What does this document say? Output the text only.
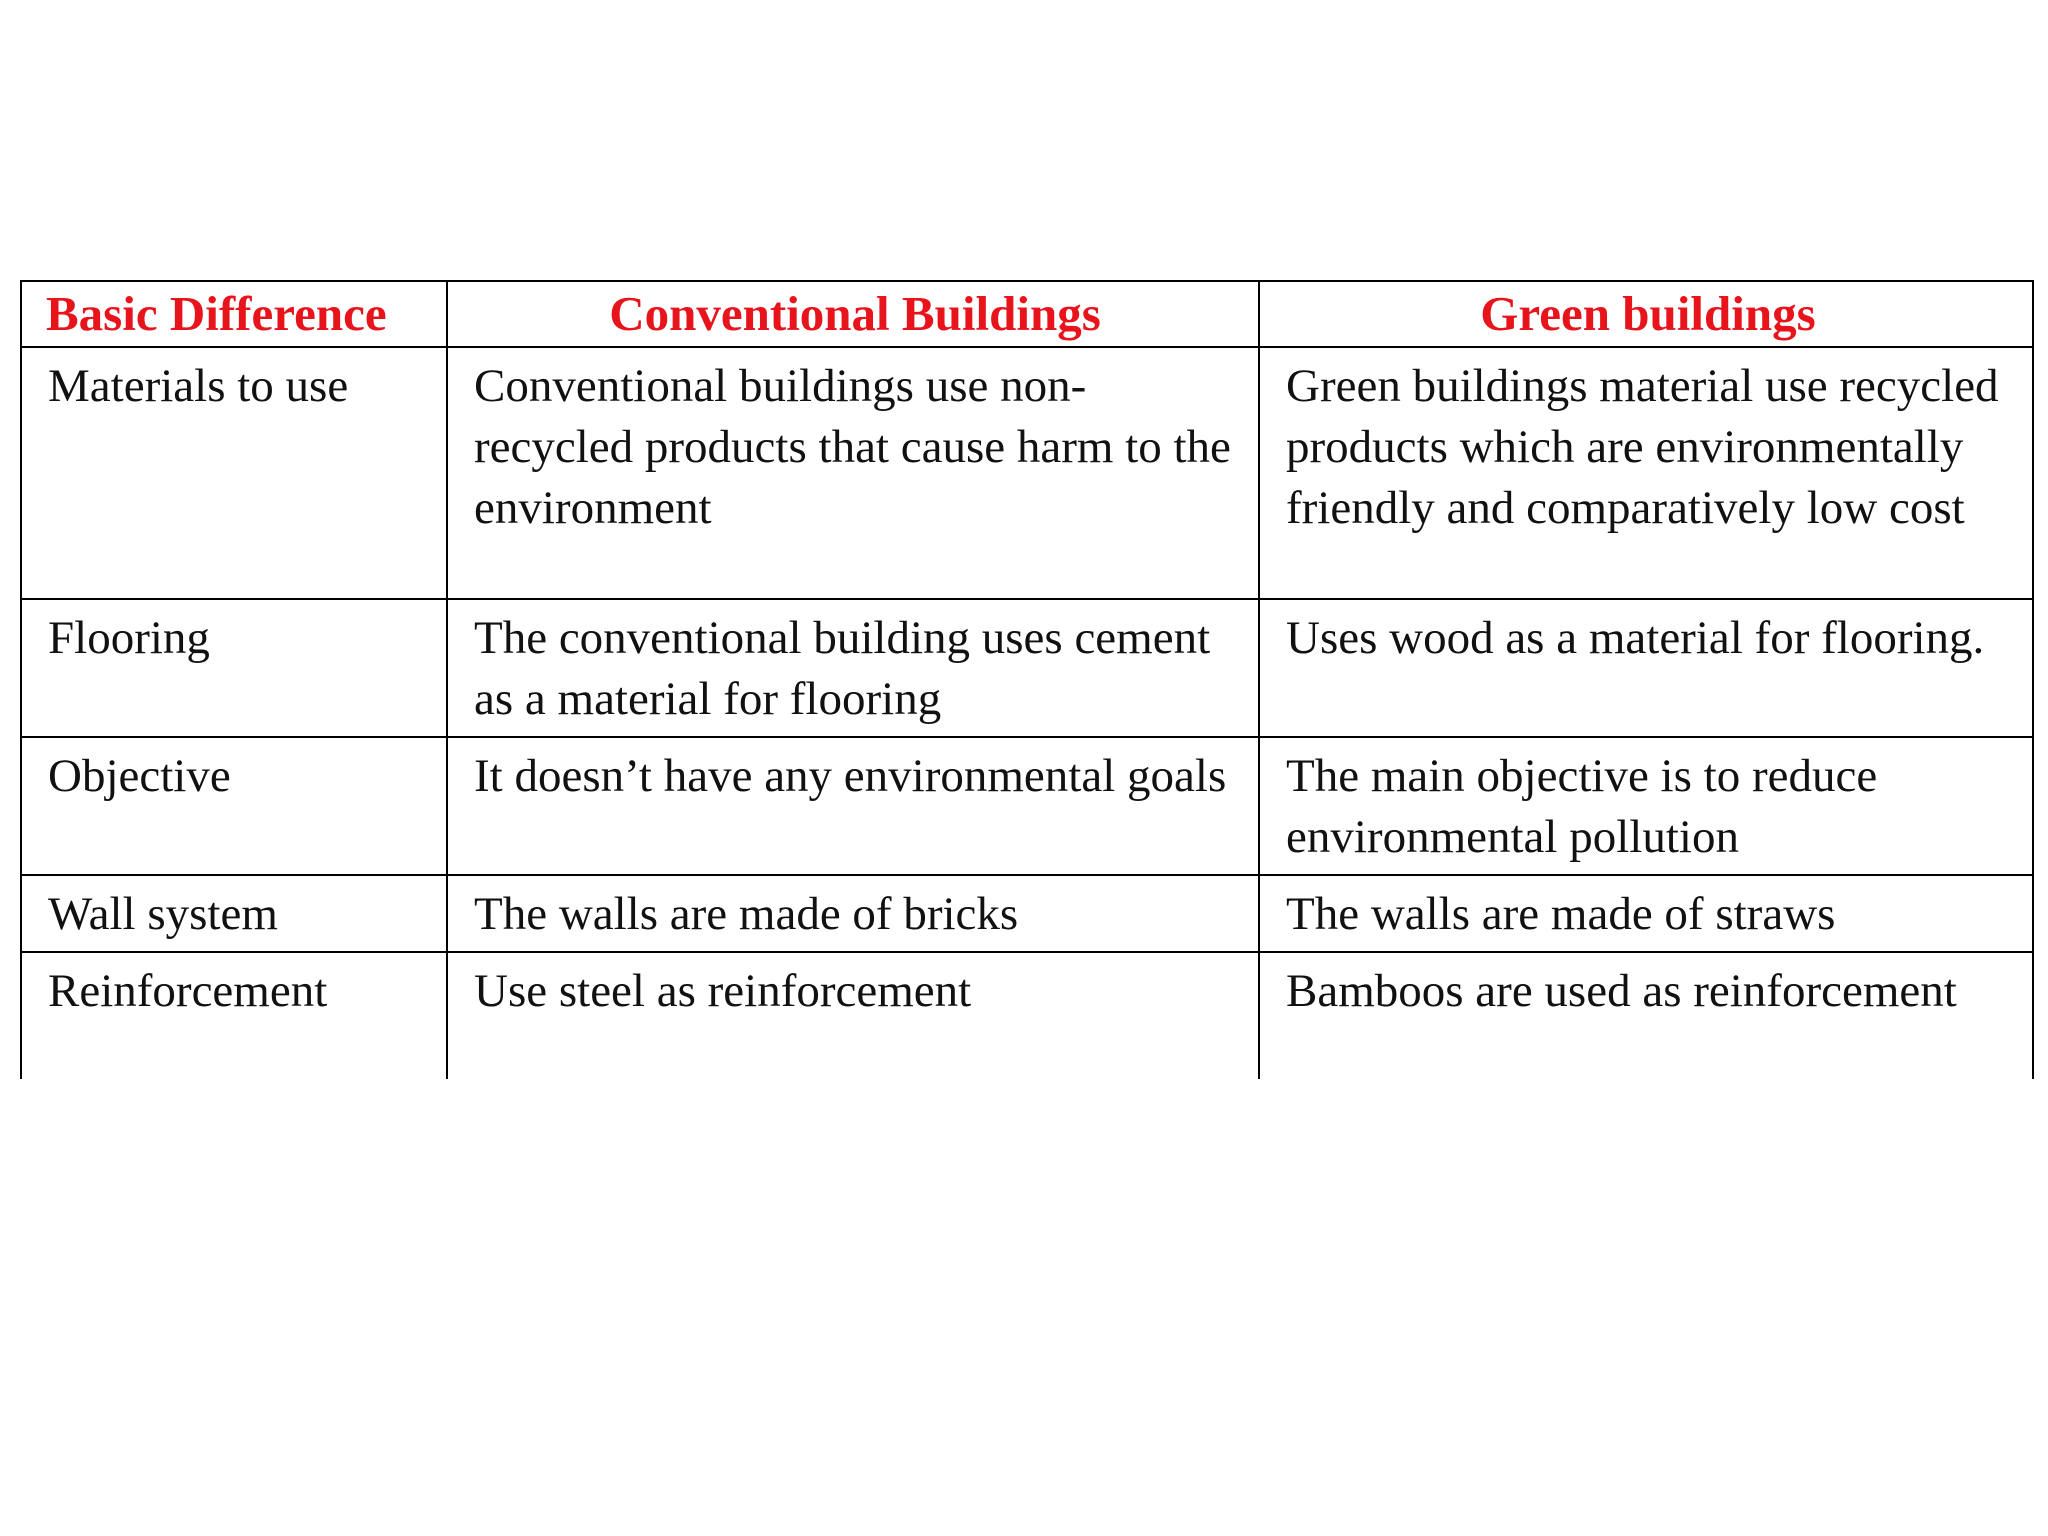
Basic Difference	Conventional Buildings	Green buildings
Materials to use	Conventional buildings use non-recycled products that cause harm to the environment	Green buildings material use recycled products which are environmentally friendly and comparatively low cost
Flooring	The conventional building uses cement as a material for flooring	Uses wood as a material for flooring.
Objective	It doesn’t have any environmental goals	The main objective is to reduce environmental pollution
Wall system	The walls are made of bricks	The walls are made of straws
Reinforcement	Use steel as reinforcement	Bamboos are used as reinforcement
